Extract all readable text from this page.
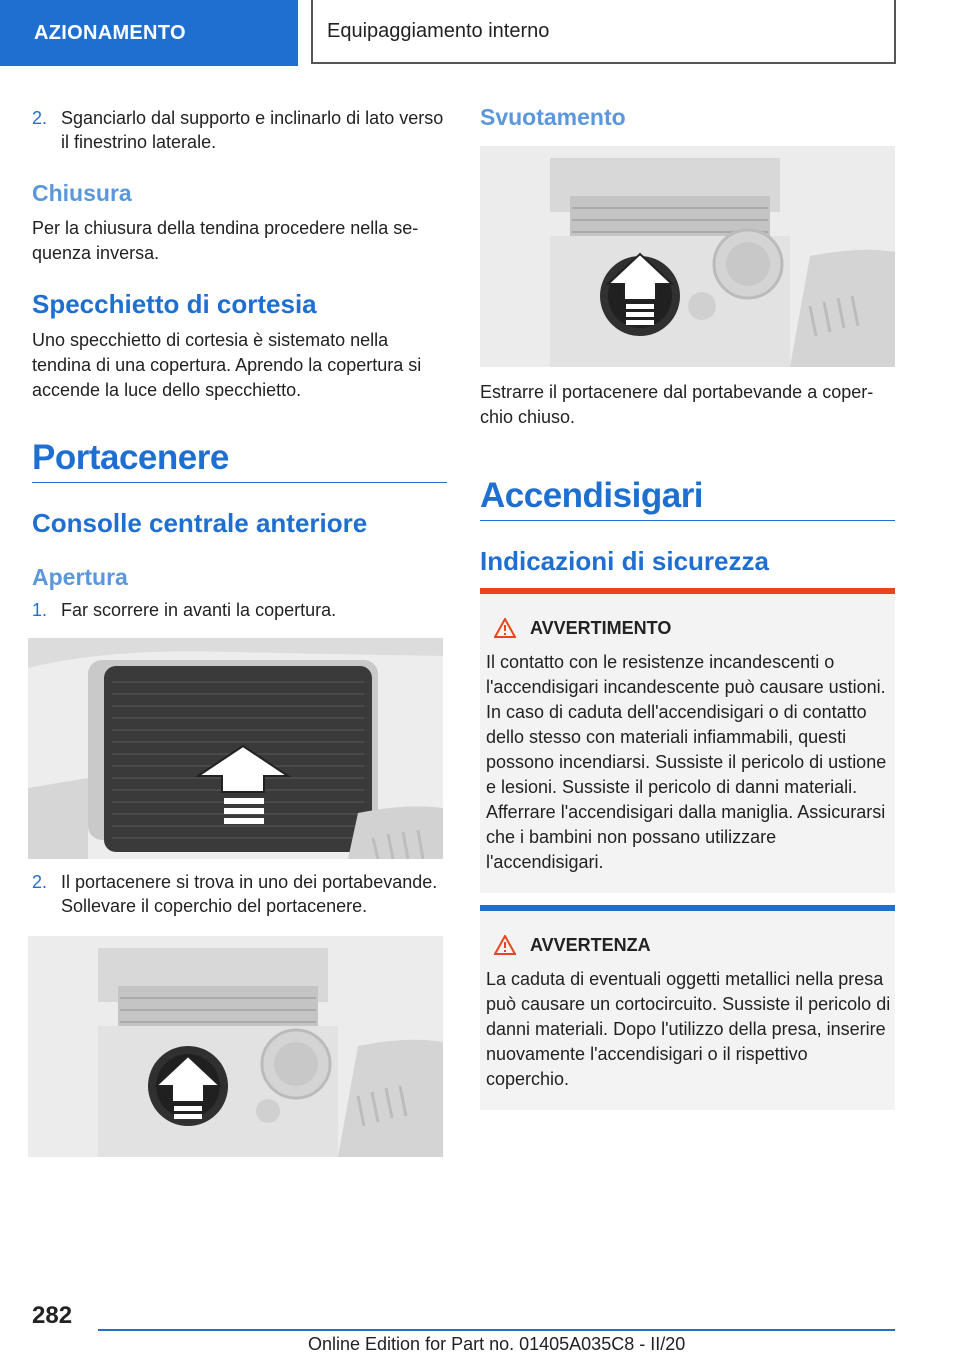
AZIONAMENTO	Equipaggiamento interno
2. Sganciarlo dal supporto e inclinarlo di lato verso il finestrino laterale.
Chiusura
Per la chiusura della tendina procedere nella sequenza inversa.
Specchietto di cortesia
Uno specchietto di cortesia è sistemato nella tendina di una copertura. Aprendo la copertura si accende la luce dello specchietto.
Portacenere
Consolle centrale anteriore
Apertura
1. Far scorrere in avanti la copertura.
2. Il portacenere si trova in uno dei portabevande. Sollevare il coperchio del portacenere.
Svuotamento
Estrarre il portacenere dal portabevande a coperchio chiuso.
Accendisigari
Indicazioni di sicurezza
AVVERTIMENTO
Il contatto con le resistenze incandescenti o l'accendisigari incandescente può causare ustioni. In caso di caduta dell'accendisigari o di contatto dello stesso con materiali infiammabili, questi possono incendiarsi. Sussiste il pericolo di ustione e lesioni. Sussiste il pericolo di danni materiali. Afferrare l'accendisigari dalla maniglia. Assicurarsi che i bambini non possano utilizzare l'accendisigari.
AVVERTENZA
La caduta di eventuali oggetti metallici nella presa può causare un cortocircuito. Sussiste il pericolo di danni materiali. Dopo l'utilizzo della presa, inserire nuovamente l'accendisigari o il rispettivo coperchio.
282
Online Edition for Part no. 01405A035C8 - II/20
